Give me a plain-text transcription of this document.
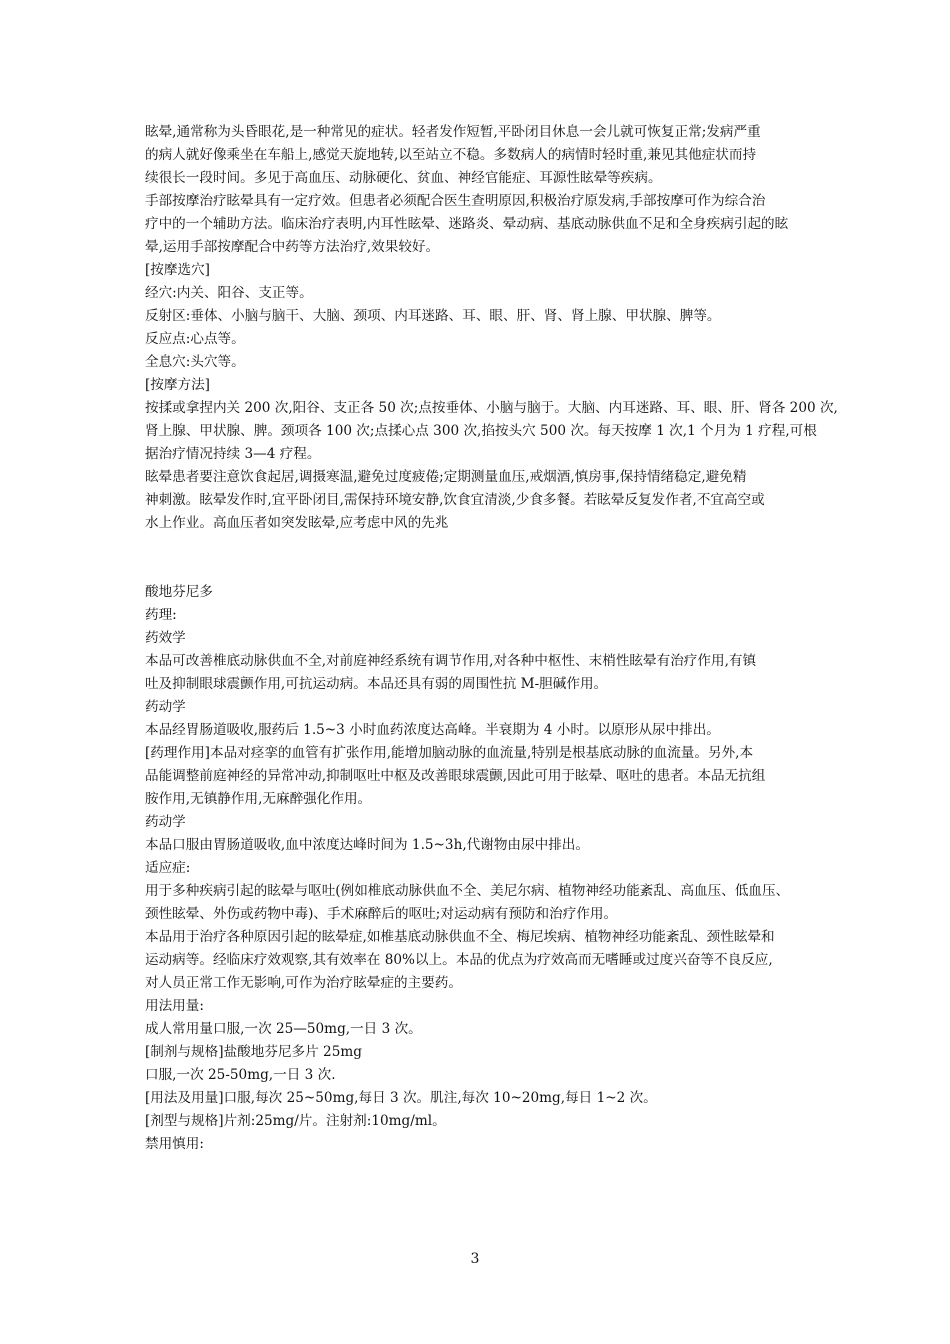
眩晕,通常称为头昏眼花,是一种常见的症状。轻者发作短暂,平卧闭目休息一会儿就可恢复正常;发病严重
的病人就好像乘坐在车船上,感觉天旋地转,以至站立不稳。多数病人的病情时轻时重,兼见其他症状而持
续很长一段时间。多见于高血压、动脉硬化、贫血、神经官能症、耳源性眩晕等疾病。
手部按摩治疗眩晕具有一定疗效。但患者必须配合医生查明原因,积极治疗原发病,手部按摩可作为综合治
疗中的一个辅助方法。临床治疗表明,内耳性眩晕、迷路炎、晕动病、基底动脉供血不足和全身疾病引起的眩
晕,运用手部按摩配合中药等方法治疗,效果较好。
[按摩选穴]
经穴:内关、阳谷、支正等。
反射区:垂体、小脑与脑干、大脑、颈项、内耳迷路、耳、眼、肝、肾、肾上腺、甲状腺、脾等。
反应点:心点等。
全息穴:头穴等。
[按摩方法]
按揉或拿捏内关 200 次,阳谷、支正各 50 次;点按垂体、小脑与脑于。大脑、内耳迷路、耳、眼、肝、肾各 200 次,
肾上腺、甲状腺、脾。颈项各 100 次;点揉心点 300 次,掐按头穴 500 次。每天按摩 1 次,1 个月为 1 疗程,可根
据治疗情况持续 3—4 疗程。
眩晕患者要注意饮食起居,调摄寒温,避免过度疲倦;定期测量血压,戒烟酒,慎房事,保持情绪稳定,避免精
神刺激。眩晕发作时,宜平卧闭目,需保持环境安静,饮食宜清淡,少食多餐。若眩晕反复发作者,不宜高空或
水上作业。高血压者如突发眩晕,应考虑中风的先兆
酸地芬尼多
药理:
药效学
本品可改善椎底动脉供血不全,对前庭神经系统有调节作用,对各种中枢性、末梢性眩晕有治疗作用,有镇
吐及抑制眼球震颤作用,可抗运动病。本品还具有弱的周围性抗 M-胆碱作用。
药动学
本品经胃肠道吸收,服药后 1.5~3 小时血药浓度达高峰。半衰期为 4 小时。以原形从尿中排出。
[药理作用]本品对痉挛的血管有扩张作用,能增加脑动脉的血流量,特别是根基底动脉的血流量。另外,本
品能调整前庭神经的异常冲动,抑制呕吐中枢及改善眼球震颤,因此可用于眩晕、呕吐的患者。本品无抗组
胺作用,无镇静作用,无麻醉强化作用。
药动学
本品口服由胃肠道吸收,血中浓度达峰时间为 1.5~3h,代谢物由尿中排出。
适应症:
用于多种疾病引起的眩晕与呕吐(例如椎底动脉供血不全、美尼尔病、植物神经功能紊乱、高血压、低血压、
颈性眩晕、外伤或药物中毒)、手术麻醉后的呕吐;对运动病有预防和治疗作用。
本品用于治疗各种原因引起的眩晕症,如椎基底动脉供血不全、梅尼埃病、植物神经功能紊乱、颈性眩晕和
运动病等。经临床疗效观察,其有效率在 80%以上。本品的优点为疗效高而无嗜睡或过度兴奋等不良反应,
对人员正常工作无影响,可作为治疗眩晕症的主要药。
用法用量:
成人常用量口服,一次 25—50mg,一日 3 次。
[制剂与规格]盐酸地芬尼多片 25mg
口服,一次 25-50mg,一日 3 次.
[用法及用量]口服,每次 25~50mg,每日 3 次。肌注,每次 10~20mg,每日 1~2 次。
[剂型与规格]片剂:25mg/片。注射剂:10mg/ml。
禁用慎用:
3
